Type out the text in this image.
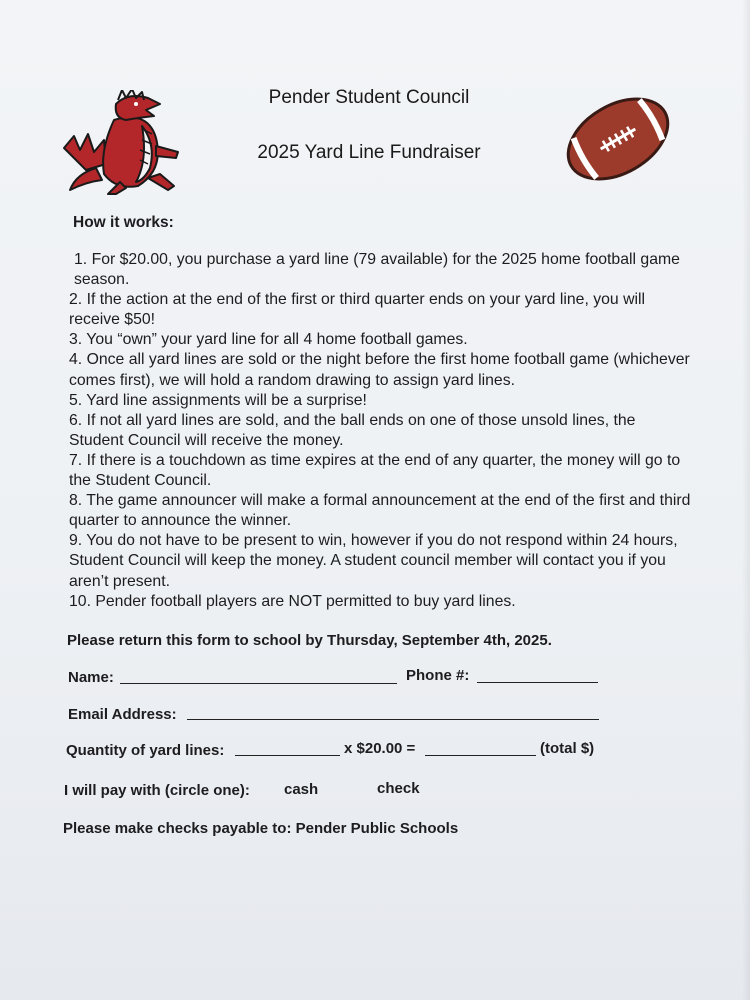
Pender Student Council
2025 Yard Line Fundraiser
How it works:

1. For $20.00, you purchase a yard line (79 available) for the 2025 home football game season.

2. If the action at the end of the first or third quarter ends on your yard line, you will receive $50!

3. You “own” your yard line for all 4 home football games.

4. Once all yard lines are sold or the night before the first home football game (whichever comes first), we will hold a random drawing to assign yard lines.

5. Yard line assignments will be a surprise!

6. If not all yard lines are sold, and the ball ends on one of those unsold lines, the Student Council will receive the money.

7. If there is a touchdown as time expires at the end of any quarter, the money will go to the Student Council.

8. The game announcer will make a formal announcement at the end of the first and third quarter to announce the winner.

9. You do not have to be present to win, however if you do not respond within 24 hours, Student Council will keep the money. A student council member will contact you if you aren’t present.

10. Pender football players are NOT permitted to buy yard lines.

Please return this form to school by Thursday, September 4th, 2025.
Name:	Phone #:
Email Address:
Quantity of yard lines:	x $20.00 =	(total $)
I will pay with (circle one): cash	check
Please make checks payable to: Pender Public Schools
